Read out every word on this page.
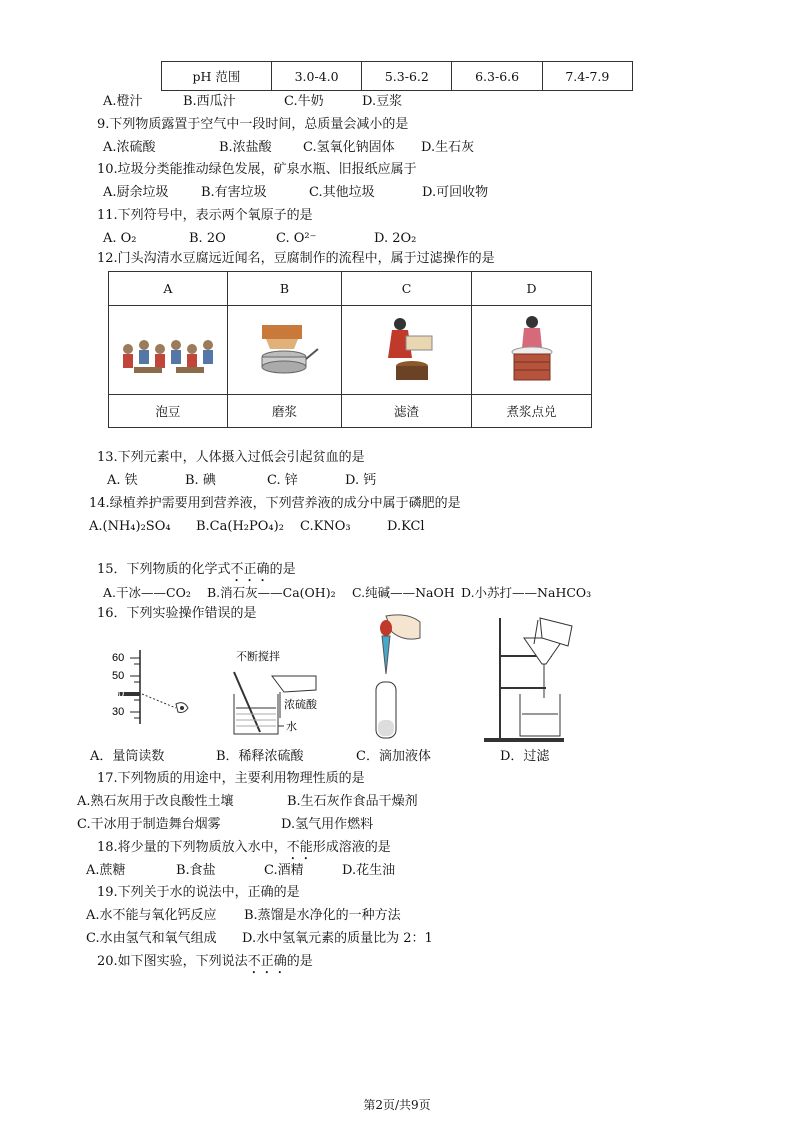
pH 范围	3.0-4.0	5.3-6.2	6.3-6.6	7.4-7.9
A.橙汁	B.西瓜汁	C.牛奶	D.豆浆
9.下列物质露置于空气中一段时间，总质量会减小的是
A.浓硫酸	B.浓盐酸 C.氢氧化钠固体 D.生石灰
10.垃圾分类能推动绿色发展，矿泉水瓶、旧报纸应属于
A.厨余垃圾 B.有害垃圾	C.其他垃圾	D.可回收物
11.下列符号中，表示两个氧原子的是
A. O₂	B. 2O	C. O²⁻	D. 2O₂
12.门头沟清水豆腐远近闻名，豆腐制作的流程中，属于过滤操作的是
A	B	C	D

泡豆	磨浆	滤渣	煮浆点兑
13.下列元素中，人体摄入过低会引起贫血的是
A. 铁	B. 碘	C. 锌	D. 钙
14.绿植养护需要用到营养液，下列营养液的成分中属于磷肥的是
A.(NH₄)₂SO₄ B.Ca(H₂PO₄)₂ C.KNO₃	D.KCl
15．下列物质的化学式不正确的是
A.干冰——CO₂ B.消石灰——Ca(OH)₂ C.纯碱——NaOH D.小苏打——NaHCO₃
16．下列实验操作错误的是
60
50
40
30
不断搅拌
浓硫酸
水
A．量筒读数	B．稀释浓硫酸	C．滴加液体	D．过滤
17.下列物质的用途中，主要利用物理性质的是
A.熟石灰用于改良酸性土壤	B.生石灰作食品干燥剂
C.干冰用于制造舞台烟雾	D.氢气用作燃料
18.将少量的下列物质放入水中，不能形成溶液的是
A.蔗糖	B.食盐	C.酒精	D.花生油
19.下列关于水的说法中，正确的是
A.水不能与氧化钙反应 B.蒸馏是水净化的一种方法
C.水由氢气和氧气组成 D.水中氢氧元素的质量比为 2：1
20.如下图实验，下列说法不正确的是
第2页/共9页
